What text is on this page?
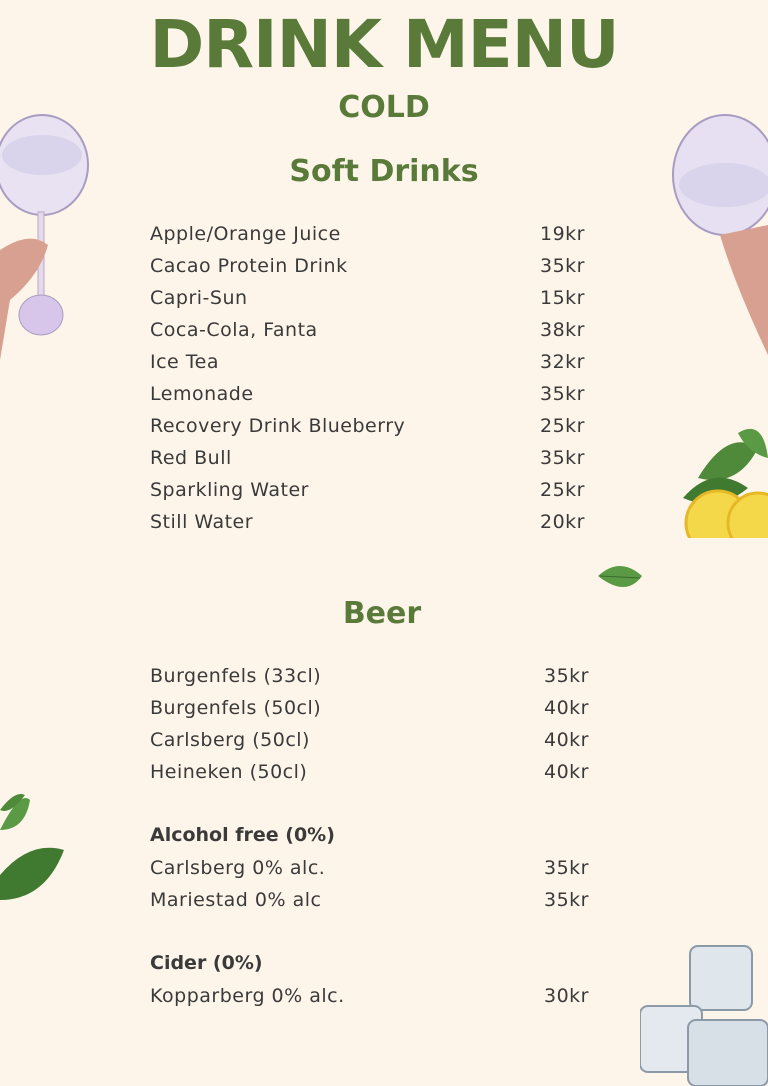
DRINK MENU
COLD
Soft Drinks
Apple/Orange Juice	19kr
Cacao Protein Drink	35kr
Capri-Sun	15kr
Coca-Cola, Fanta	38kr
Ice Tea	32kr
Lemonade	35kr
Recovery Drink Blueberry	25kr
Red Bull	35kr
Sparkling Water	25kr
Still Water	20kr
Beer
Burgenfels (33cl)	35kr
Burgenfels (50cl)	40kr
Carlsberg (50cl)	40kr
Heineken (50cl)	40kr
Alcohol free (0%)
Carlsberg 0% alc.	35kr
Mariestad 0% alc	35kr
Cider (0%)
Kopparberg 0% alc.	30kr
